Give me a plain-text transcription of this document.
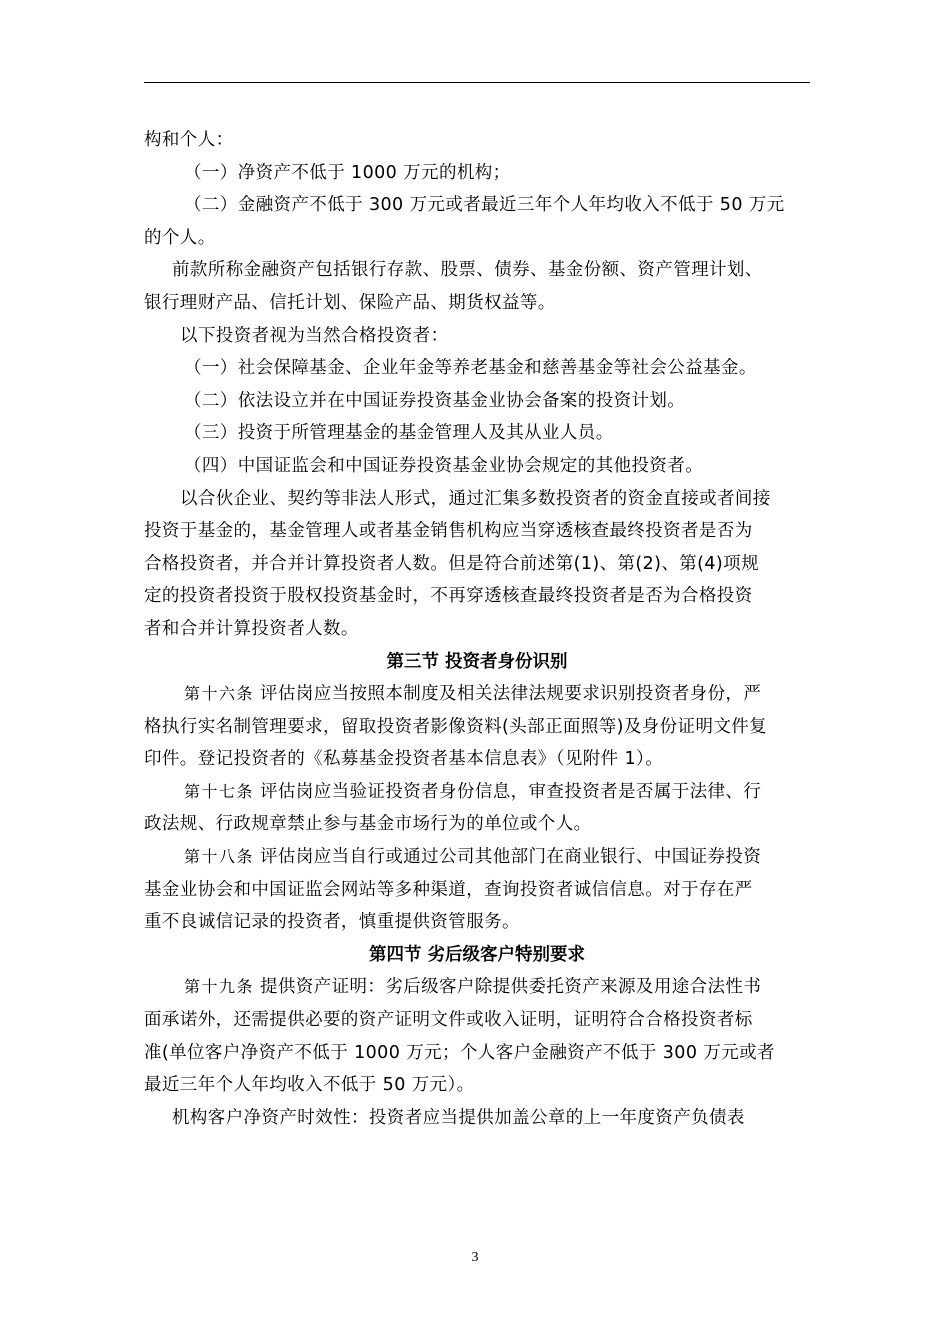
构和个人：

（一）净资产不低于 1000 万元的机构；

（二）金融资产不低于 300 万元或者最近三年个人年均收入不低于 50 万元

的个人。

前款所称金融资产包括银行存款、股票、债券、基金份额、资产管理计划、

银行理财产品、信托计划、保险产品、期货权益等。

以下投资者视为当然合格投资者：

（一）社会保障基金、企业年金等养老基金和慈善基金等社会公益基金。

（二）依法设立并在中国证券投资基金业协会备案的投资计划。

（三）投资于所管理基金的基金管理人及其从业人员。

（四）中国证监会和中国证券投资基金业协会规定的其他投资者。

以合伙企业、契约等非法人形式，通过汇集多数投资者的资金直接或者间接

投资于基金的，基金管理人或者基金销售机构应当穿透核查最终投资者是否为

合格投资者，并合并计算投资者人数。但是符合前述第(1)、第(2)、第(4)项规

定的投资者投资于股权投资基金时，不再穿透核查最终投资者是否为合格投资

者和合并计算投资者人数。

第三节 投资者身份识别

第十六条 评估岗应当按照本制度及相关法律法规要求识别投资者身份，严

格执行实名制管理要求，留取投资者影像资料(头部正面照等)及身份证明文件复

印件。登记投资者的《私募基金投资者基本信息表》（见附件 1）。

第十七条 评估岗应当验证投资者身份信息，审查投资者是否属于法律、行

政法规、行政规章禁止参与基金市场行为的单位或个人。

第十八条 评估岗应当自行或通过公司其他部门在商业银行、中国证券投资

基金业协会和中国证监会网站等多种渠道，查询投资者诚信信息。对于存在严

重不良诚信记录的投资者，慎重提供资管服务。

第四节 劣后级客户特别要求

第十九条 提供资产证明：劣后级客户除提供委托资产来源及用途合法性书

面承诺外，还需提供必要的资产证明文件或收入证明，证明符合合格投资者标

准(单位客户净资产不低于 1000 万元；个人客户金融资产不低于 300 万元或者

最近三年个人年均收入不低于 50 万元）。

机构客户净资产时效性：投资者应当提供加盖公章的上一年度资产负债表

3
